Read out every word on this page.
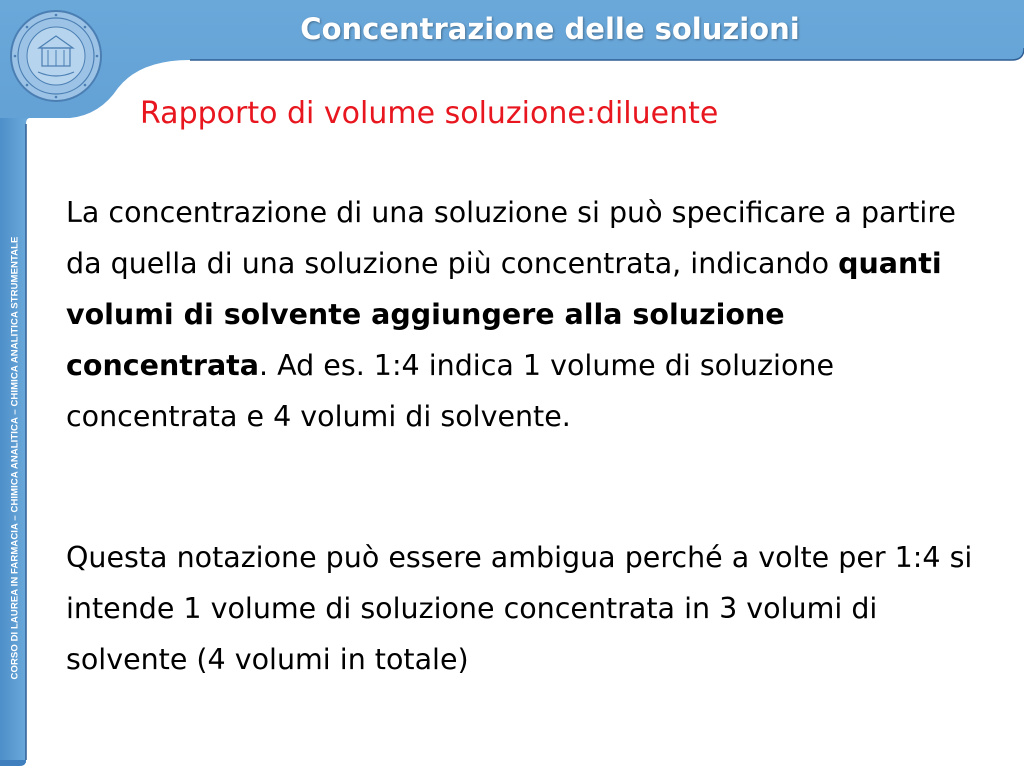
Concentrazione delle soluzioni
CORSO DI LAUREA IN FARMACIA – CHIMICA ANALITICA – CHIMICA ANALITICA STRUMENTALE
Rapporto di volume soluzione:diluente

La concentrazione di una soluzione si può specificare a partire da quella di una soluzione più concentrata, indicando quanti volumi di solvente aggiungere alla soluzione concentrata. Ad es. 1:4 indica 1 volume di soluzione concentrata e 4 volumi di solvente.

Questa notazione può essere ambigua perché a volte per 1:4 si intende 1 volume di soluzione concentrata in 3 volumi di solvente (4 volumi in totale)
